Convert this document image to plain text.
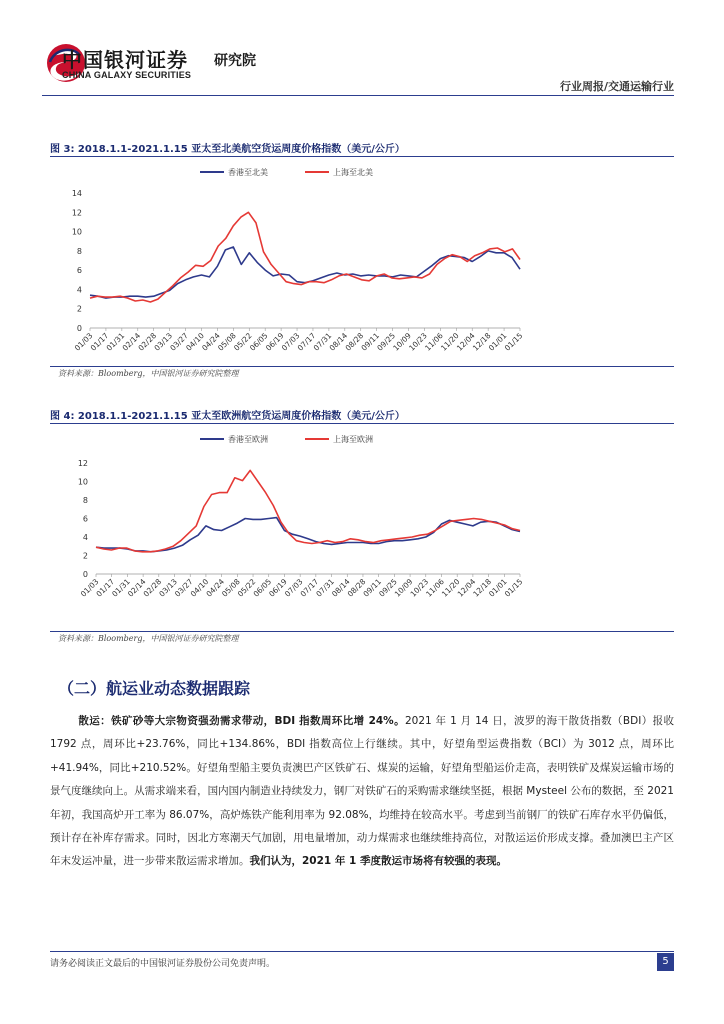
中国银河证券 研究院
CHINA GALAXY SECURITIES
行业周报/交通运输行业
图 3: 2018.1.1-2021.1.15 亚太至北美航空货运周度价格指数（美元/公斤）
0
2
4
6
8
10
12
14
01/03
01/17
01/31
02/14
02/28
03/13
03/27
04/10
04/24
05/08
05/22
06/05
06/19
07/03
07/17
07/31
08/14
08/28
09/11
09/25
10/09
10/23
11/06
11/20
12/04
12/18
01/01
01/15
香港至北美	上海至北美
资料来源：Bloomberg，中国银河证券研究院整理
图 4: 2018.1.1-2021.1.15 亚太至欧洲航空货运周度价格指数（美元/公斤）
0
2
4
6
8
10
12
01/03
01/17
01/31
02/14
02/28
03/13
03/27
04/10
04/24
05/08
05/22
06/05
06/19
07/03
07/17
07/31
08/14
08/28
09/11
09/25
10/09
10/23
11/06
11/20
12/04
12/18
01/01
01/15
香港至欧洲	上海至欧洲
资料来源：Bloomberg，中国银河证券研究院整理
（二）航运业动态数据跟踪
散运：铁矿砂等大宗物资强劲需求带动，BDI 指数周环比增 24%。2021 年 1 月 14 日，波罗的海干散货指数（BDI）报收 1792 点，周环比+23.76%，同比+134.86%，BDI 指数高位上行继续。其中，好望角型运费指数（BCI）为 3012 点，周环比+41.94%，同比+210.52%。好望角型船主要负责澳巴产区铁矿石、煤炭的运输，好望角型船运价走高，表明铁矿及煤炭运输市场的景气度继续向上。从需求端来看，国内国内制造业持续发力，钢厂对铁矿石的采购需求继续坚挺，根据 Mysteel 公布的数据，至 2021 年初，我国高炉开工率为 86.07%，高炉炼铁产能利用率为 92.08%，均维持在较高水平。考虑到当前钢厂的铁矿石库存水平仍偏低，预计存在补库存需求。同时，因北方寒潮天气加剧，用电量增加，动力煤需求也继续维持高位，对散运运价形成支撑。叠加澳巴主产区年末发运冲量，进一步带来散运需求增加。我们认为，2021 年 1 季度散运市场将有较强的表现。
请务必阅读正文最后的中国银河证券股份公司免责声明。	5
